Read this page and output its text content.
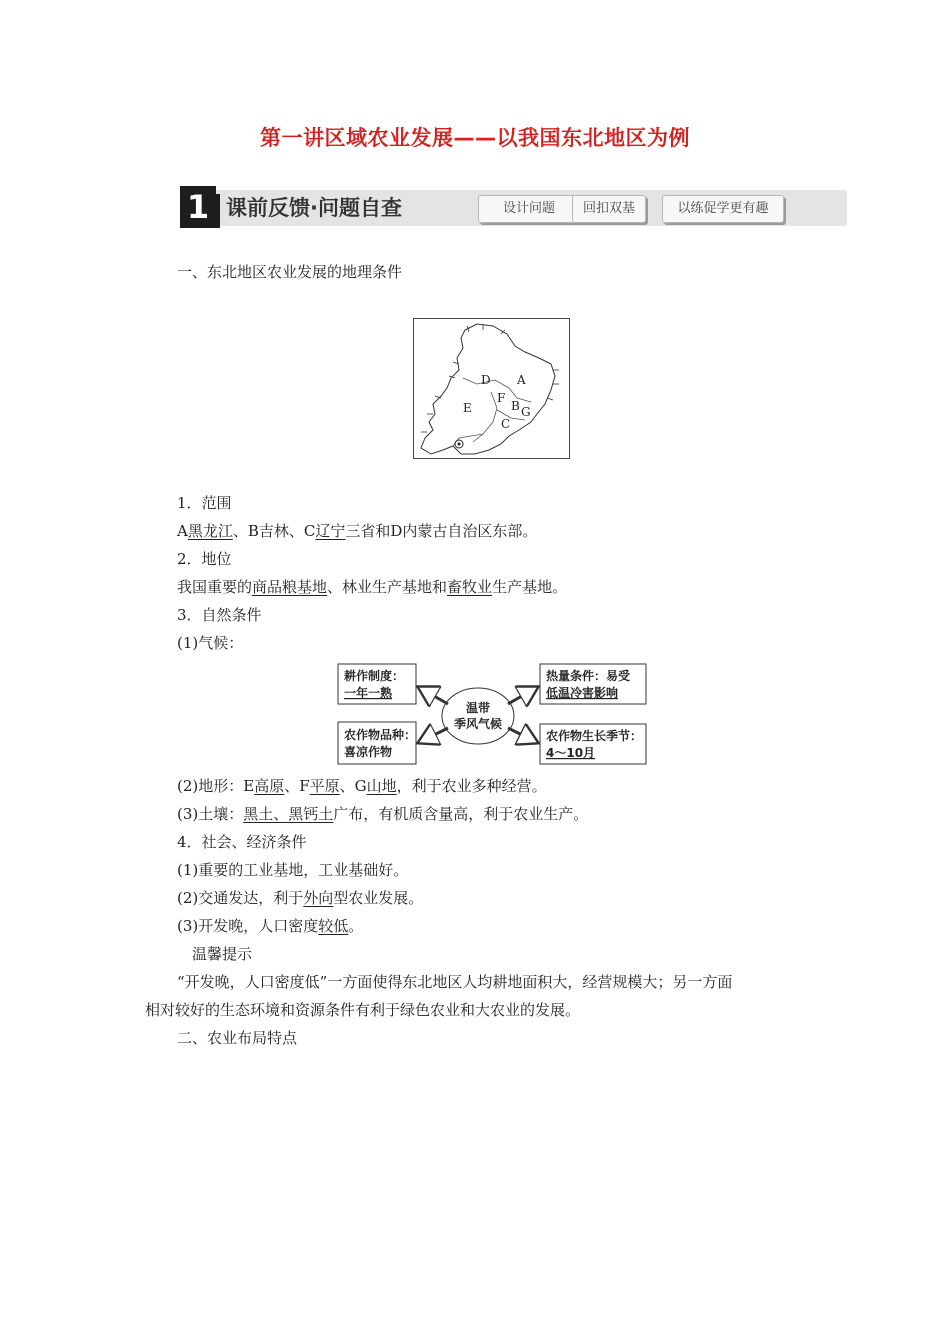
第一讲区域农业发展——以我国东北地区为例
1 课前反馈·问题自查	设计问题	回扣双基	以练促学更有趣
一、东北地区农业发展的地理条件
A
B
C
D
E
F
G
1．范围
A黑龙江、B吉林、C辽宁三省和D内蒙古自治区东部。
2．地位
我国重要的商品粮基地、林业生产基地和畜牧业生产基地。
3．自然条件
(1)气候：
温带
季风气候
耕作制度：
一年一熟
热量条件：易受
低温冷害影响
农作物品种：
喜凉作物
农作物生长季节：
4～10月
(2)地形：E高原、F平原、G山地，利于农业多种经营。
(3)土壤：黑土、黑钙土广布，有机质含量高，利于农业生产。
4．社会、经济条件
(1)重要的工业基地，工业基础好。
(2)交通发达，利于外向型农业发展。
(3)开发晚，人口密度较低。
温馨提示
“开发晚，人口密度低”一方面使得东北地区人均耕地面积大，经营规模大；另一方面
相对较好的生态环境和资源条件有利于绿色农业和大农业的发展。
二、农业布局特点
